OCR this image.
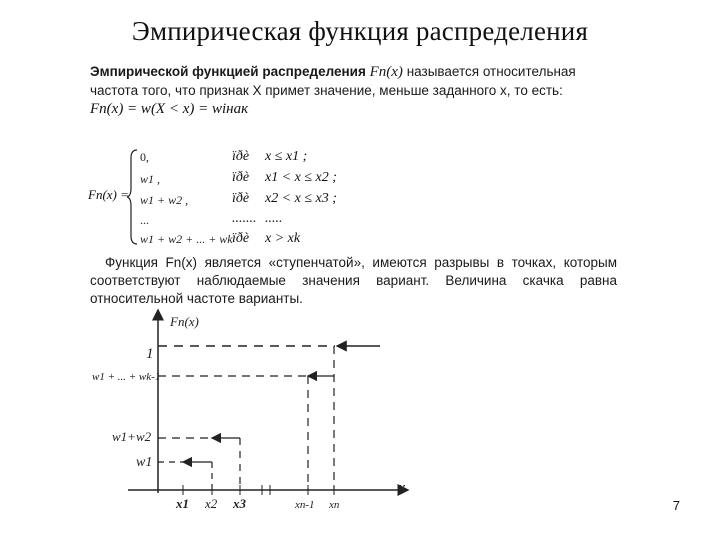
Эмпирическая функция распределения
Эмпирической функцией распределения Fn(x) называется относительная
частота того, что признак X примет значение, меньше заданного x, то есть:
Fn(x) = w(X < x) = wiнак
Fn(x) =
0,
w1 ,
w1 + w2 ,
...
w1 + w2 + ... + wk
ïðè
ïðè
ïðè
.......
ïðè
x ≤ x1 ;
x1 < x ≤ x2 ;
x2 < x ≤ x3 ;
.....
x > xk
Функция Fn(x) является «ступенчатой», имеются разрывы в точках, которым
соответствуют наблюдаемые значения вариант. Величина скачка равна
относительной частоте варианты.
Fn(x)
x
1
w1 + ... + wk-1
w1+w2
w1
x1 x2 x3	xn-1 xn	7
